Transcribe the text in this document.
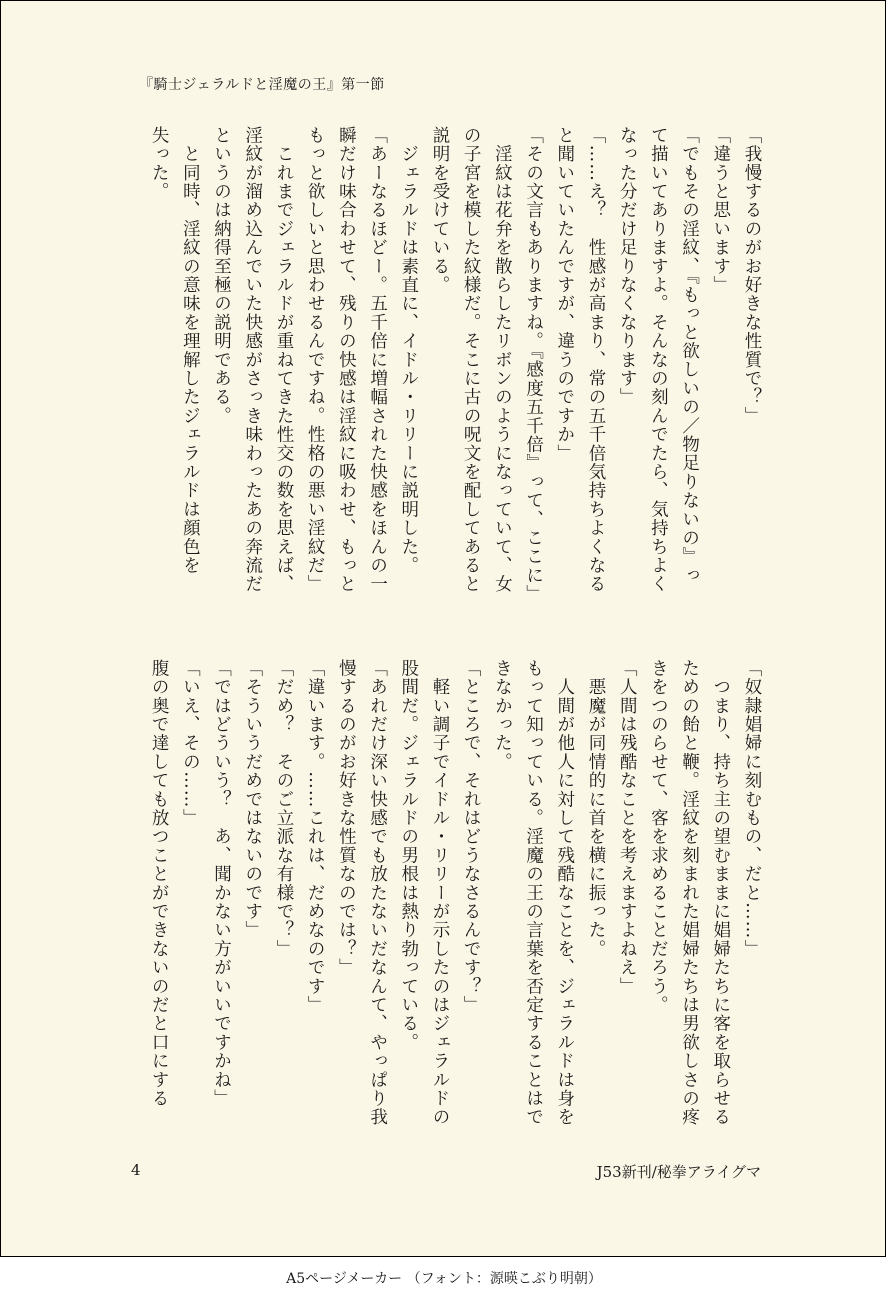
『騎士ジェラルドと淫魔の王』第一節
「我慢するのがお好きな性質で？」
「違うと思います」
「でもその淫紋、『もっと欲しいの／物足りないの』っ
て描いてありますよ。そんなの刻んでたら、気持ちよく
なった分だけ足りなくなります」
「……え？　性感が高まり、常の五千倍気持ちよくなる
と聞いていたんですが、違うのですか」
「その文言もありますね。『感度五千倍』って、ここに」
　淫紋は花弁を散らしたリボンのようになっていて、女
の子宮を模した紋様だ。そこに古の呪文を配してあると
説明を受けている。
　ジェラルドは素直に、イドル・リリーに説明した。
「あーなるほどー。五千倍に増幅された快感をほんの一
瞬だけ味合わせて、残りの快感は淫紋に吸わせ、もっと
もっと欲しいと思わせるんですね。性格の悪い淫紋だ」
　これまでジェラルドが重ねてきた性交の数を思えば、
淫紋が溜め込んでいた快感がさっき味わったあの奔流だ
というのは納得至極の説明である。
　と同時、淫紋の意味を理解したジェラルドは顔色を
失った。
「奴隷娼婦に刻むもの、だと……」
　つまり、持ち主の望むままに娼婦たちに客を取らせる
ための飴と鞭。淫紋を刻まれた娼婦たちは男欲しさの疼
きをつのらせて、客を求めることだろう。
「人間は残酷なことを考えますよねえ」
　悪魔が同情的に首を横に振った。
　人間が他人に対して残酷なことを、ジェラルドは身を
もって知っている。淫魔の王の言葉を否定することはで
きなかった。
「ところで、それはどうなさるんです？」
　軽い調子でイドル・リリーが示したのはジェラルドの
股間だ。ジェラルドの男根は熱り勃っている。
「あれだけ深い快感でも放たないだなんて、やっぱり我
慢するのがお好きな性質なのでは？」
「違います。……これは、だめなのです」
「だめ？　そのご立派な有様で？」
「そういうだめではないのです」
「ではどういう？　あ、聞かない方がいいですかね」
「いえ、その……」
腹の奥で達しても放つことができないのだと口にする
4	J53新刊/秘拳アライグマ
A5ページメーカー （フォント：源暎こぶり明朝）
